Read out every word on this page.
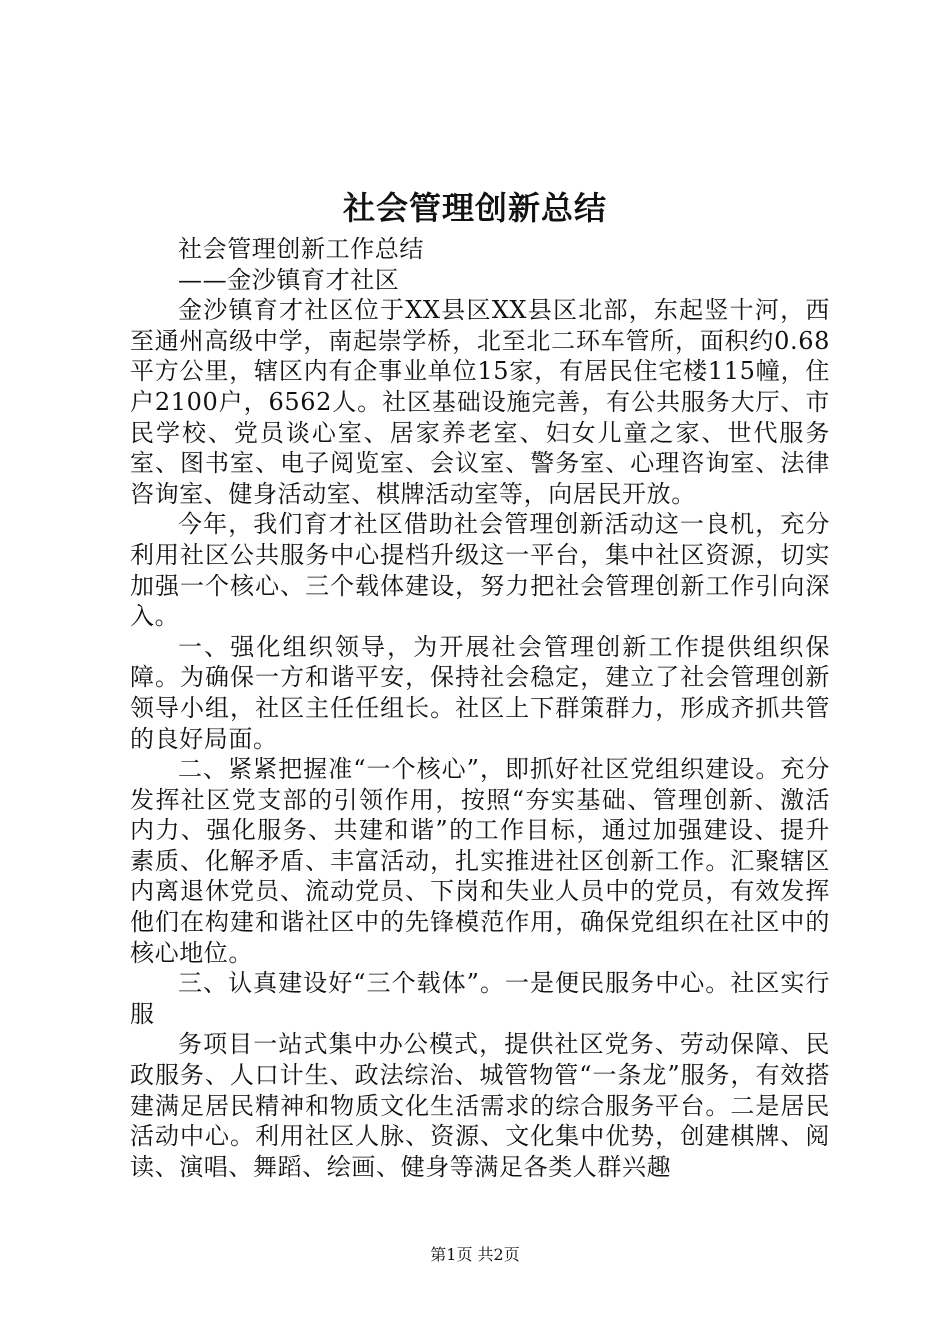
社会管理创新总结

社会管理创新工作总结

——金沙镇育才社区

金沙镇育才社区位于XX县区XX县区北部，东起竖十河，西至通州高级中学，南起崇学桥，北至北二环车管所，面积约0.68平方公里，辖区内有企事业单位15家，有居民住宅楼115幢，住户2100户，6562人。社区基础设施完善，有公共服务大厅、市民学校、党员谈心室、居家养老室、妇女儿童之家、世代服务室、图书室、电子阅览室、会议室、警务室、心理咨询室、法律咨询室、健身活动室、棋牌活动室等，向居民开放。

今年，我们育才社区借助社会管理创新活动这一良机，充分利用社区公共服务中心提档升级这一平台，集中社区资源，切实加强一个核心、三个载体建设，努力把社会管理创新工作引向深入。

一、强化组织领导，为开展社会管理创新工作提供组织保障。为确保一方和谐平安，保持社会稳定，建立了社会管理创新领导小组，社区主任任组长。社区上下群策群力，形成齐抓共管的良好局面。

二、紧紧把握准“一个核心”，即抓好社区党组织建设。充分发挥社区党支部的引领作用，按照“夯实基础、管理创新、激活内力、强化服务、共建和谐”的工作目标，通过加强建设、提升素质、化解矛盾、丰富活动，扎实推进社区创新工作。汇聚辖区内离退休党员、流动党员、下岗和失业人员中的党员，有效发挥他们在构建和谐社区中的先锋模范作用，确保党组织在社区中的核心地位。

三、认真建设好“三个载体”。一是便民服务中心。社区实行服

务项目一站式集中办公模式，提供社区党务、劳动保障、民政服务、人口计生、政法综治、城管物管“一条龙”服务，有效搭建满足居民精神和物质文化生活需求的综合服务平台。二是居民活动中心。利用社区人脉、资源、文化集中优势，创建棋牌、阅读、演唱、舞蹈、绘画、健身等满足各类人群兴趣

第1页 共2页
